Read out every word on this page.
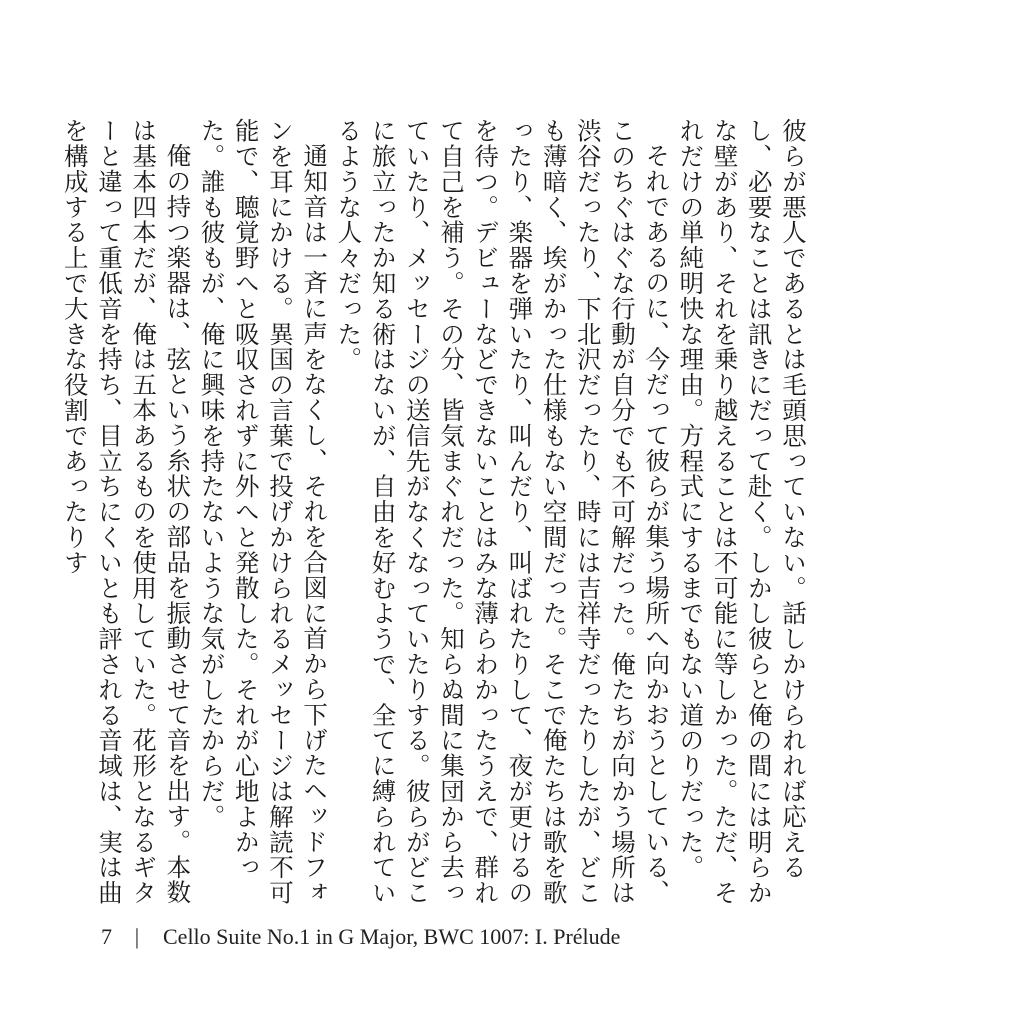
彼らが悪人であるとは毛頭思っていない。話しかけられれば応えるし、必要なことは訊きにだって赴く。しかし彼らと俺の間には明らかな壁があり、それを乗り越えることは不可能に等しかった。ただ、それだけの単純明快な理由。方程式にするまでもない道のりだった。

それであるのに、今だって彼らが集う場所へ向かおうとしている、このちぐはぐな行動が自分でも不可解だった。俺たちが向かう場所は渋谷だったり、下北沢だったり、時には吉祥寺だったりしたが、どこも薄暗く、埃がかった仕様もない空間だった。そこで俺たちは歌を歌ったり、楽器を弾いたり、叫んだり、叫ばれたりして、夜が更けるのを待つ。デビューなどできないことはみな薄らわかったうえで、群れて自己を補う。その分、皆気まぐれだった。知らぬ間に集団から去っていたり、メッセージの送信先がなくなっていたりする。彼らがどこに旅立ったか知る術はないが、自由を好むようで、全てに縛られているような人々だった。

通知音は一斉に声をなくし、それを合図に首から下げたヘッドフォンを耳にかける。異国の言葉で投げかけられるメッセージは解読不可能で、聴覚野へと吸収されずに外へと発散した。それが心地よかった。誰も彼もが、俺に興味を持たないような気がしたからだ。

俺の持つ楽器は、弦という糸状の部品を振動させて音を出す。本数は基本四本だが、俺は五本あるものを使用していた。花形となるギターと違って重低音を持ち、目立ちにくいとも評される音域は、実は曲を構成する上で大きな役割であったりす

7	|	Cello Suite No.1 in G Major, BWC 1007: I. Prélude
